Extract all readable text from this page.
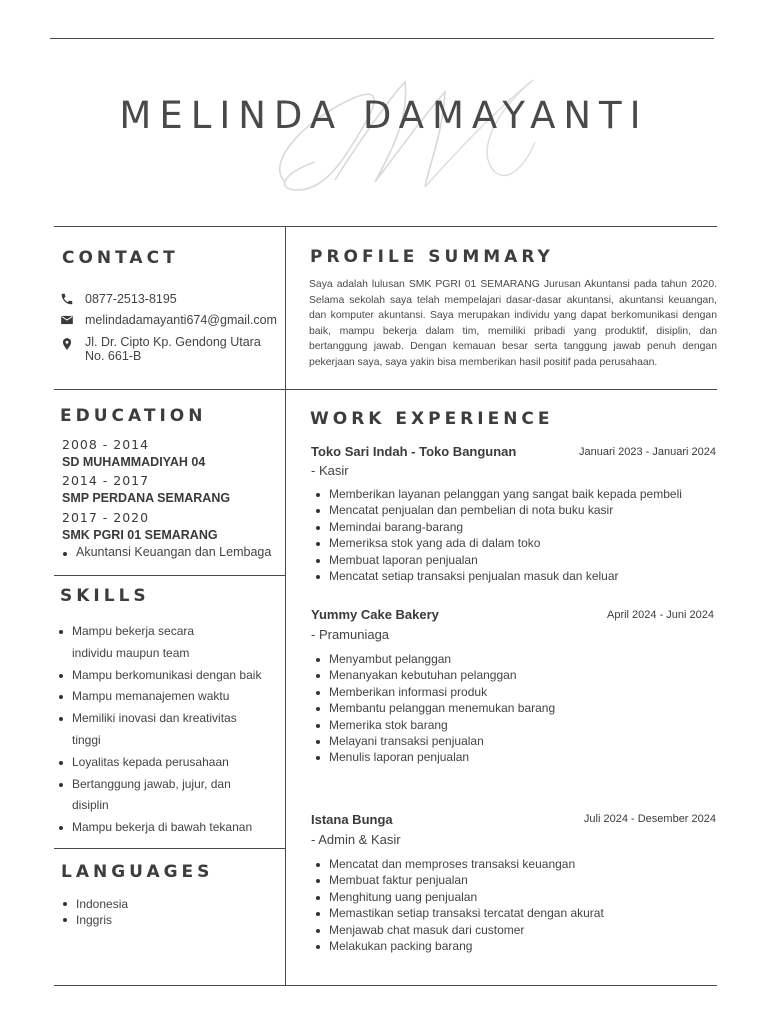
MELINDA DAMAYANTI
CONTACT
0877-2513-8195
melindadamayanti674@gmail.com
Jl. Dr. Cipto Kp. Gendong Utara
No. 661-B
EDUCATION
2008 - 2014
SD MUHAMMADIYAH 04
2014 - 2017
SMP PERDANA SEMARANG
2017 - 2020
SMK PGRI 01 SEMARANG
Akuntansi Keuangan dan Lembaga
SKILLS
Mampu bekerja secara individu maupun team
Mampu berkomunikasi dengan baik
Mampu memanajemen waktu
Memiliki inovasi dan kreativitas tinggi
Loyalitas kepada perusahaan
Bertanggung jawab, jujur, dan disiplin
Mampu bekerja di bawah tekanan
LANGUAGES
Indonesia
Inggris
PROFILE SUMMARY
Saya adalah lulusan SMK PGRI 01 SEMARANG Jurusan Akuntansi pada tahun 2020. Selama sekolah saya telah mempelajari dasar-dasar akuntansi, akuntansi keuangan, dan komputer akuntansi. Saya merupakan individu yang dapat berkomunikasi dengan baik, mampu bekerja dalam tim, memiliki pribadi yang produktif, disiplin, dan bertanggung jawab. Dengan kemauan besar serta tanggung jawab penuh dengan pekerjaan saya, saya yakin bisa memberikan hasil positif pada perusahaan.
WORK EXPERIENCE
Toko Sari Indah - Toko Bangunan	Januari 2023 - Januari 2024
- Kasir
Memberikan layanan pelanggan yang sangat baik kepada pembeli
Mencatat penjualan dan pembelian di nota buku kasir
Memindai barang-barang
Memeriksa stok yang ada di dalam toko
Membuat laporan penjualan
Mencatat setiap transaksi penjualan masuk dan keluar
Yummy Cake Bakery	April 2024 - Juni 2024
- Pramuniaga
Menyambut pelanggan
Menanyakan kebutuhan pelanggan
Memberikan informasi produk
Membantu pelanggan menemukan barang
Memerika stok barang
Melayani transaksi penjualan
Menulis laporan penjualan
Istana Bunga	Juli 2024 - Desember 2024
- Admin & Kasir
Mencatat dan memproses transaksi keuangan
Membuat faktur penjualan
Menghitung uang penjualan
Memastikan setiap transaksi tercatat dengan akurat
Menjawab chat masuk dari customer
Melakukan packing barang
